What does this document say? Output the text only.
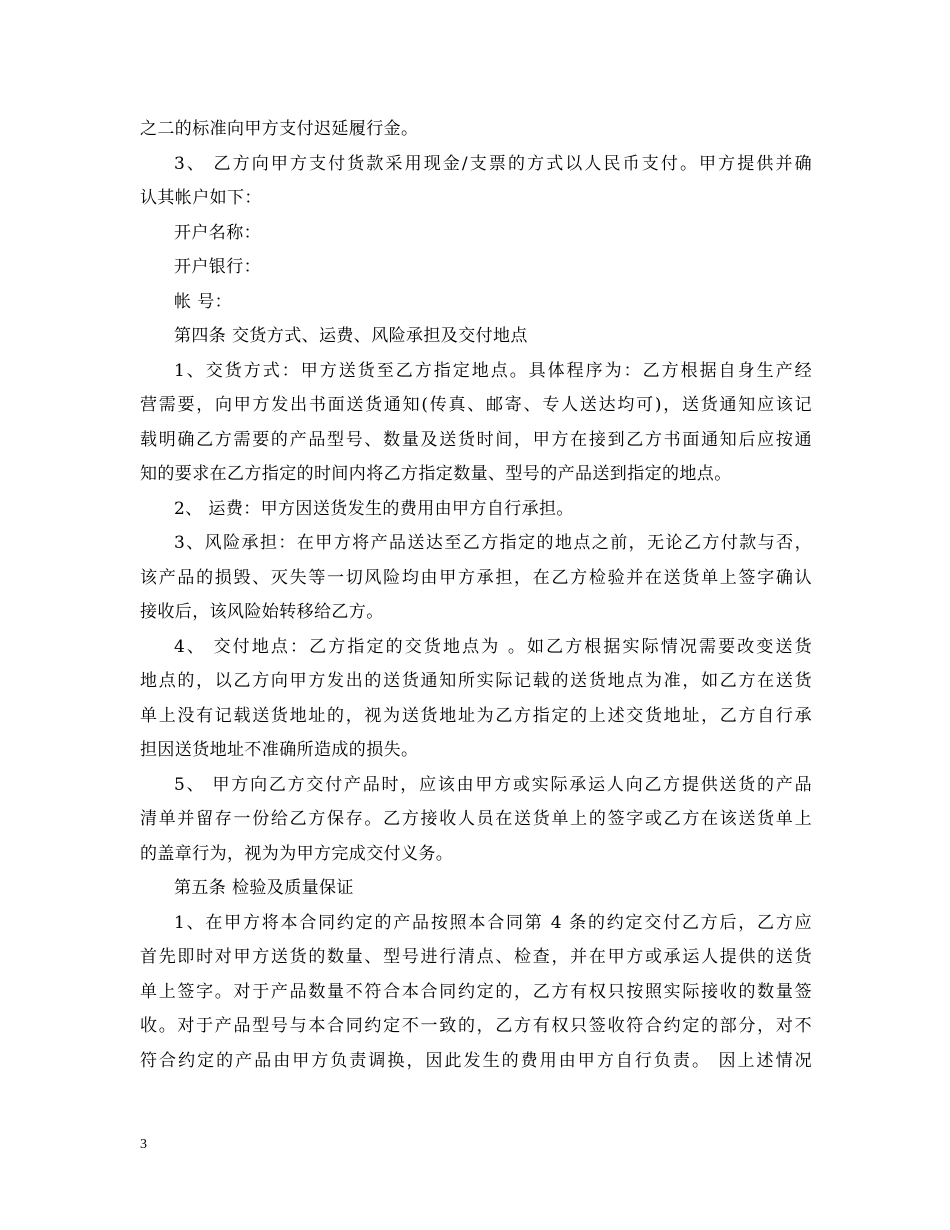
之二的标准向甲方支付迟延履行金。
3、 乙方向甲方支付货款采用现金/支票的方式以人民币支付。甲方提供并确
认其帐户如下：
开户名称：
开户银行：
帐 号：
第四条 交货方式、运费、风险承担及交付地点
1、交货方式：甲方送货至乙方指定地点。具体程序为：乙方根据自身生产经
营需要，向甲方发出书面送货通知(传真、邮寄、专人送达均可)，送货通知应该记
载明确乙方需要的产品型号、数量及送货时间，甲方在接到乙方书面通知后应按通
知的要求在乙方指定的时间内将乙方指定数量、型号的产品送到指定的地点。
2、 运费：甲方因送货发生的费用由甲方自行承担。
3、风险承担：在甲方将产品送达至乙方指定的地点之前，无论乙方付款与否，
该产品的损毁、灭失等一切风险均由甲方承担，在乙方检验并在送货单上签字确认
接收后，该风险始转移给乙方。
4、 交付地点：乙方指定的交货地点为 。如乙方根据实际情况需要改变送货
地点的，以乙方向甲方发出的送货通知所实际记载的送货地点为准，如乙方在送货
单上没有记载送货地址的，视为送货地址为乙方指定的上述交货地址，乙方自行承
担因送货地址不准确所造成的损失。
5、 甲方向乙方交付产品时，应该由甲方或实际承运人向乙方提供送货的产品
清单并留存一份给乙方保存。乙方接收人员在送货单上的签字或乙方在该送货单上
的盖章行为，视为为甲方完成交付义务。
第五条 检验及质量保证
1、在甲方将本合同约定的产品按照本合同第 4 条的约定交付乙方后，乙方应
首先即时对甲方送货的数量、型号进行清点、检查，并在甲方或承运人提供的送货
单上签字。对于产品数量不符合本合同约定的，乙方有权只按照实际接收的数量签
收。对于产品型号与本合同约定不一致的，乙方有权只签收符合约定的部分，对不
符合约定的产品由甲方负责调换，因此发生的费用由甲方自行负责。 因上述情况
3
